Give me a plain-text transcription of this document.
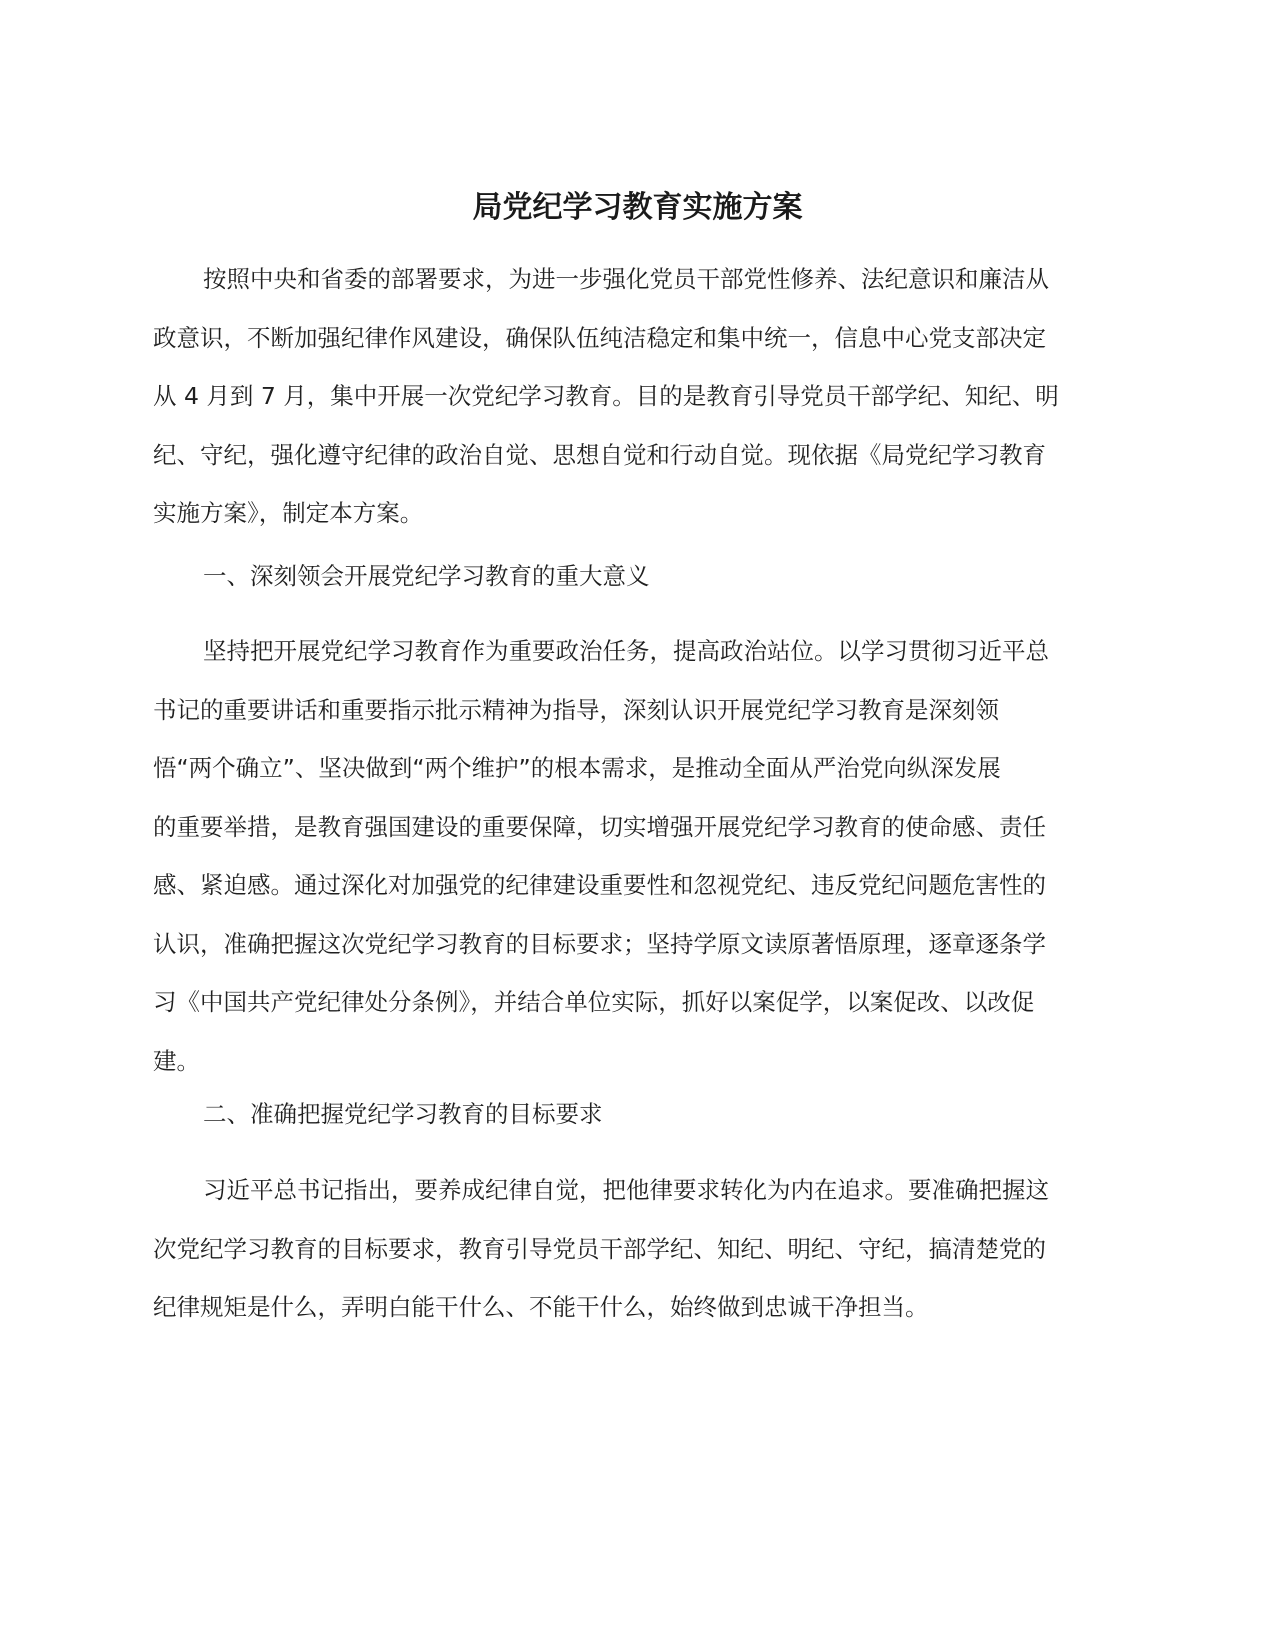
局党纪学习教育实施方案

按照中央和省委的部署要求，为进一步强化党员干部党性修养、法纪意识和廉洁从
政意识，不断加强纪律作风建设，确保队伍纯洁稳定和集中统一，信息中心党支部决定
从 4 月到 7 月，集中开展一次党纪学习教育。目的是教育引导党员干部学纪、知纪、明
纪、守纪，强化遵守纪律的政治自觉、思想自觉和行动自觉。现依据《局党纪学习教育
实施方案》，制定本方案。

一、深刻领会开展党纪学习教育的重大意义

坚持把开展党纪学习教育作为重要政治任务，提高政治站位。以学习贯彻习近平总
书记的重要讲话和重要指示批示精神为指导，深刻认识开展党纪学习教育是深刻领
悟“两个确立”、坚决做到“两个维护”的根本需求，是推动全面从严治党向纵深发展
的重要举措，是教育强国建设的重要保障，切实增强开展党纪学习教育的使命感、责任
感、紧迫感。通过深化对加强党的纪律建设重要性和忽视党纪、违反党纪问题危害性的
认识，准确把握这次党纪学习教育的目标要求；坚持学原文读原著悟原理，逐章逐条学
习《中国共产党纪律处分条例》，并结合单位实际，抓好以案促学，以案促改、以改促
建。

二、准确把握党纪学习教育的目标要求

习近平总书记指出，要养成纪律自觉，把他律要求转化为内在追求。要准确把握这
次党纪学习教育的目标要求，教育引导党员干部学纪、知纪、明纪、守纪，搞清楚党的
纪律规矩是什么，弄明白能干什么、不能干什么，始终做到忠诚干净担当。
